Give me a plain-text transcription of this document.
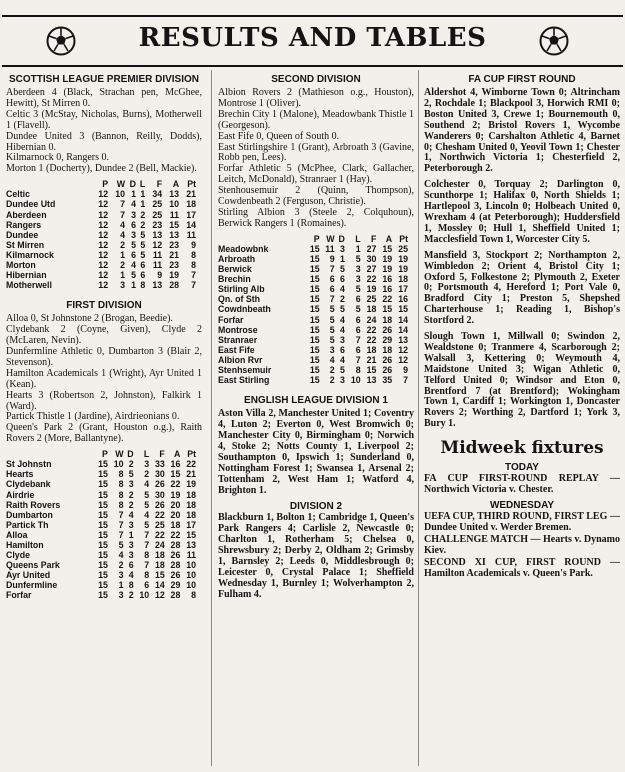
RESULTS AND TABLES
SCOTTISH LEAGUE PREMIER DIVISION

Aberdeen 4 (Black, Strachan pen, McGhee, Hewitt), St Mirren 0.

Celtic 3 (McStay, Nicholas, Burns), Motherwell 1 (Flavell).

Dundee United 3 (Bannon, Reilly, Dodds), Hibernian 0.

Kilmarnock 0, Rangers 0.

Morton 1 (Docherty), Dundee 2 (Bell, Mackie).

	P	W	D	L	F	A	Pt
Celtic	12	10	1	1	34	13	21
Dundee Utd	12	7	4	1	25	10	18
Aberdeen	12	7	3	2	25	11	17
Rangers	12	4	6	2	23	15	14
Dundee	12	4	3	5	13	13	11
St Mirren	12	2	5	5	12	23	9
Kilmarnock	12	1	6	5	11	21	8
Morton	12	2	4	6	11	23	8
Hibernian	12	1	5	6	9	19	7
Motherwell	12	3	1	8	13	28	7
FIRST DIVISION

Alloa 0, St Johnstone 2 (Brogan, Beedie).

Clydebank 2 (Coyne, Given), Clyde 2 (McLaren, Nevin).

Dunfermline Athletic 0, Dumbarton 3 (Blair 2, Stevenson).

Hamilton Academicals 1 (Wright), Ayr United 1 (Kean).

Hearts 3 (Robertson 2, Johnston), Falkirk 1 (Ward).

Partick Thistle 1 (Jardine), Airdrieonians 0.

Queen's Park 2 (Grant, Houston o.g.), Raith Rovers 2 (More, Ballantyne).

	P	W	D	L	F	A	Pt
St Johnstn	15	10	2	3	33	16	22
Hearts	15	8	5	2	30	15	21
Clydebank	15	8	3	4	26	22	19
Airdrie	15	8	2	5	30	19	18
Raith Rovers	15	8	2	5	26	20	18
Dumbarton	15	7	4	4	22	20	18
Partick Th	15	7	3	5	25	18	17
Alloa	15	7	1	7	22	22	15
Hamilton	15	5	3	7	24	28	13
Clyde	15	4	3	8	18	26	11
Queens Park	15	2	6	7	18	28	10
Ayr United	15	3	4	8	15	26	10
Dunfermline	15	1	8	6	14	29	10
Forfar	15	3	2	10	12	28	8
SECOND DIVISION

Albion Rovers 2 (Mathieson o.g., Houston), Montrose 1 (Oliver).

Brechin City 1 (Malone), Meadowbank Thistle 1 (Georgeson).

East Fife 0, Queen of South 0.

East Stirlingshire 1 (Grant), Arbroath 3 (Gavine, Robb pen, Lees).

Forfar Athletic 5 (McPhee, Clark, Gallacher, Leitch, McDonald), Stranraer 1 (Hay).

Stenhousemuir 2 (Quinn, Thompson), Cowdenbeath 2 (Ferguson, Christie).

Stirling Albion 3 (Steele 2, Colquhoun), Berwick Rangers 1 (Romaines).

	P	W	D	L	F	A	Pt
Meadowbnk	15	11	3	1	27	15	25
Arbroath	15	9	1	5	30	19	19
Berwick	15	7	5	3	27	19	19
Brechin	15	6	6	3	22	16	18
Stirling Alb	15	6	4	5	19	16	17
Qn. of Sth	15	7	2	6	25	22	16
Cowdnbeath	15	5	5	5	18	15	15
Forfar	15	5	4	6	24	18	14
Montrose	15	5	4	6	22	26	14
Stranraer	15	5	3	7	22	29	13
East Fife	15	3	6	6	18	18	12
Albion Rvr	15	4	4	7	21	26	12
Stenhsemuir	15	2	5	8	15	26	9
East Stirling	15	2	3	10	13	35	7
ENGLISH LEAGUE DIVISION 1

Aston Villa 2, Manchester United 1; Coventry 4, Luton 2; Everton 0, West Bromwich 0; Manchester City 0, Birmingham 0; Norwich 4, Stoke 2; Notts County 1, Liverpool 2; Southampton 0, Ipswich 1; Sunderland 0, Nottingham Forest 1; Swansea 1, Arsenal 2; Tottenham 2, West Ham 1; Watford 4, Brighton 1.

DIVISION 2

Blackburn 1, Bolton 1; Cambridge 1, Queen's Park Rangers 4; Carlisle 2, Newcastle 0; Charlton 1, Rotherham 5; Chelsea 0, Shrewsbury 2; Derby 2, Oldham 2; Grimsby 1, Barnsley 2; Leeds 0, Middlesbrough 0; Leicester 0, Crystal Palace 1; Sheffield Wednesday 1, Burnley 1; Wolverhampton 2, Fulham 4.

FA CUP FIRST ROUND

Aldershot 4, Wimborne Town 0; Altrincham 2, Rochdale 1; Blackpool 3, Horwich RMI 0; Boston United 3, Crewe 1; Bournemouth 0, Southend 2; Bristol Rovers 1, Wycombe Wanderers 0; Carshalton Athletic 4, Barnet 0; Chesham United 0, Yeovil Town 1; Chester 1, Northwich Victoria 1; Chesterfield 2, Peterborough 2.

Colchester 0, Torquay 2; Darlington 0, Scunthorpe 1; Halifax 0, North Shields 1; Hartlepool 3, Lincoln 0; Holbeach United 0, Wrexham 4 (at Peterborough); Huddersfield 1, Mossley 0; Hull 1, Sheffield United 1; Macclesfield Town 1, Worcester City 5.

Mansfield 3, Stockport 2; Northampton 2, Wimbledon 2; Orient 4, Bristol City 1; Oxford 5, Folkestone 2; Plymouth 2, Exeter 0; Portsmouth 4, Hereford 1; Port Vale 0, Bradford City 1; Preston 5, Shepshed Charterhouse 1; Reading 1, Bishop's Stortford 2.

Slough Town 1, Millwall 0; Swindon 2, Wealdstone 0; Tranmere 4, Scarborough 2; Walsall 3, Kettering 0; Weymouth 4, Maidstone United 3; Wigan Athletic 0, Telford United 0; Windsor and Eton 0, Brentford 7 (at Brentford); Wokingham Town 1, Cardiff 1; Workington 1, Doncaster Rovers 2; Worthing 2, Dartford 1; York 3, Bury 1.

Midweek fixtures
TODAY

FA CUP FIRST-ROUND REPLAY — Northwich Victoria v. Chester.

WEDNESDAY

UEFA CUP, THIRD ROUND, FIRST LEG — Dundee United v. Werder Bremen.

CHALLENGE MATCH — Hearts v. Dynamo Kiev.

SECOND XI CUP, FIRST ROUND — Hamilton Academicals v. Queen's Park.
